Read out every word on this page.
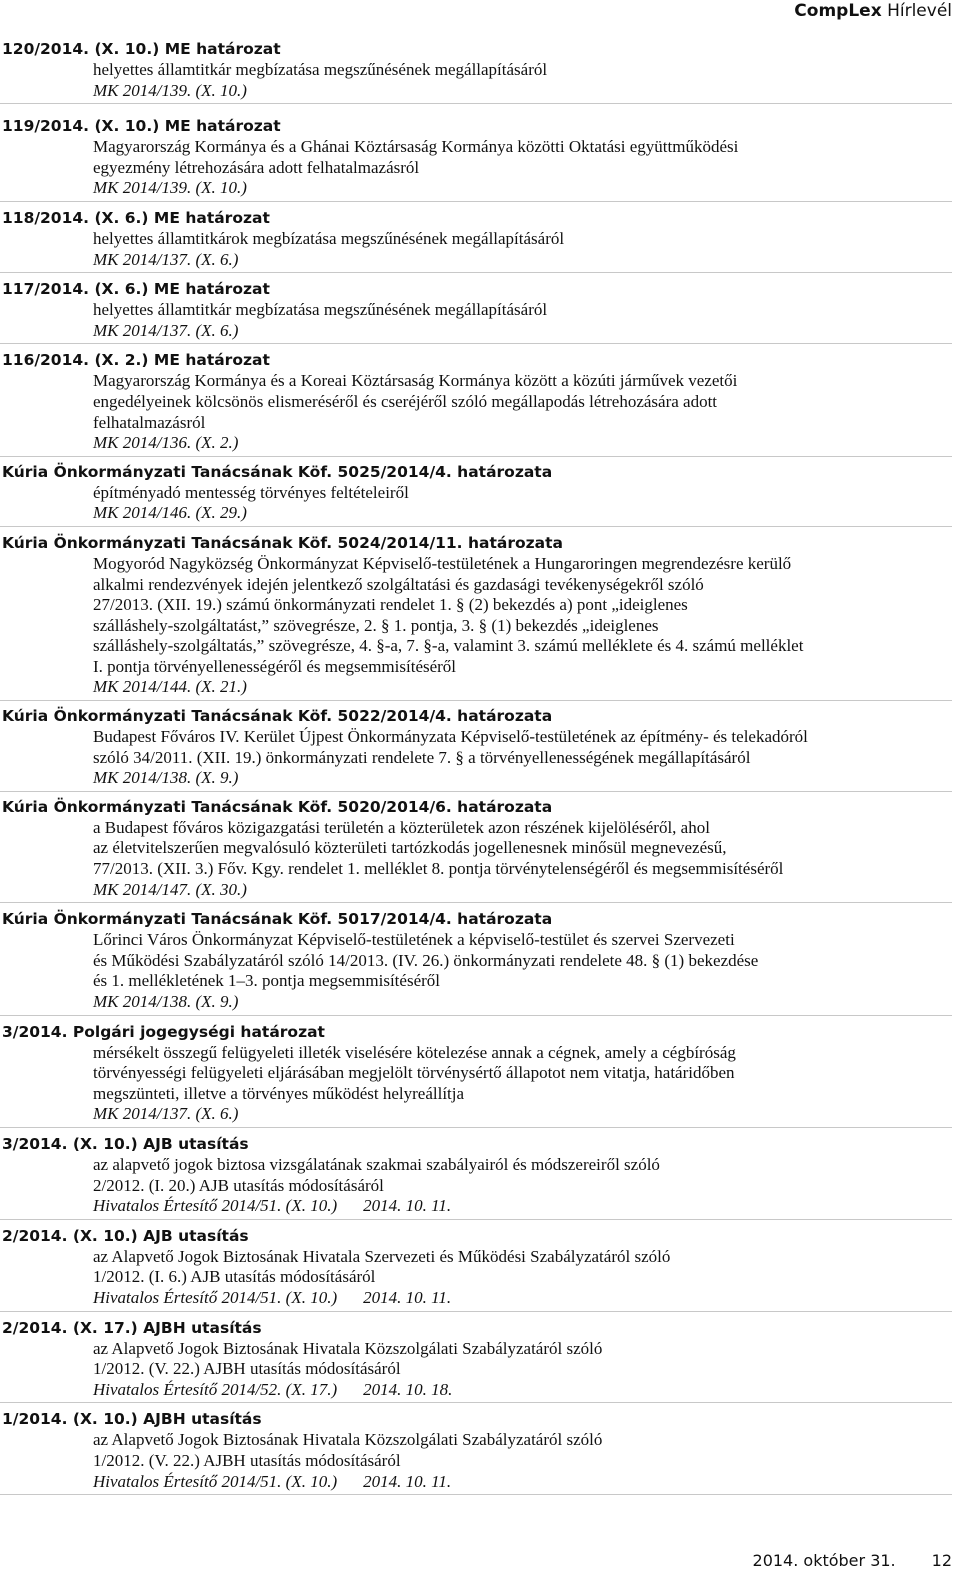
CompLex Hírlevél
120/2014. (X. 10.) ME határozat
helyettes államtitkár megbízatása megszűnésének megállapításáról
MK 2014/139. (X. 10.)
119/2014. (X. 10.) ME határozat
Magyarország Kormánya és a Ghánai Köztársaság Kormánya közötti Oktatási együttműködési
egyezmény létrehozására adott felhatalmazásról
MK 2014/139. (X. 10.)
118/2014. (X. 6.) ME határozat
helyettes államtitkárok megbízatása megszűnésének megállapításáról
MK 2014/137. (X. 6.)
117/2014. (X. 6.) ME határozat
helyettes államtitkár megbízatása megszűnésének megállapításáról
MK 2014/137. (X. 6.)
116/2014. (X. 2.) ME határozat
Magyarország Kormánya és a Koreai Köztársaság Kormánya között a közúti járművek vezetői
engedélyeinek kölcsönös elismeréséről és cseréjéről szóló megállapodás létrehozására adott
felhatalmazásról
MK 2014/136. (X. 2.)
Kúria Önkormányzati Tanácsának Köf. 5025/2014/4. határozata
építményadó mentesség törvényes feltételeiről
MK 2014/146. (X. 29.)
Kúria Önkormányzati Tanácsának Köf. 5024/2014/11. határozata
Mogyoród Nagyközség Önkormányzat Képviselő-testületének a Hungaroringen megrendezésre kerülő
alkalmi rendezvények idején jelentkező szolgáltatási és gazdasági tevékenységekről szóló
27/2013. (XII. 19.) számú önkormányzati rendelet 1. § (2) bekezdés a) pont „ideiglenes
szálláshely-szolgáltatást,” szövegrésze, 2. § 1. pontja, 3. § (1) bekezdés „ideiglenes
szálláshely-szolgáltatás,” szövegrésze, 4. §-a, 7. §-a, valamint 3. számú melléklete és 4. számú melléklet
I. pontja törvényellenességéről és megsemmisítéséről
MK 2014/144. (X. 21.)
Kúria Önkormányzati Tanácsának Köf. 5022/2014/4. határozata
Budapest Főváros IV. Kerület Újpest Önkormányzata Képviselő-testületének az építmény- és telekadóról
szóló 34/2011. (XII. 19.) önkormányzati rendelete 7. § a törvényellenességének megállapításáról
MK 2014/138. (X. 9.)
Kúria Önkormányzati Tanácsának Köf. 5020/2014/6. határozata
a Budapest főváros közigazgatási területén a közterületek azon részének kijelöléséről, ahol
az életvitelszerűen megvalósuló közterületi tartózkodás jogellenesnek minősül megnevezésű,
77/2013. (XII. 3.) Főv. Kgy. rendelet 1. melléklet 8. pontja törvénytelenségéről és megsemmisítéséről
MK 2014/147. (X. 30.)
Kúria Önkormányzati Tanácsának Köf. 5017/2014/4. határozata
Lőrinci Város Önkormányzat Képviselő-testületének a képviselő-testület és szervei Szervezeti
és Működési Szabályzatáról szóló 14/2013. (IV. 26.) önkormányzati rendelete 48. § (1) bekezdése
és 1. mellékletének 1–3. pontja megsemmisítéséről
MK 2014/138. (X. 9.)
3/2014. Polgári jogegységi határozat
mérsékelt összegű felügyeleti illeték viselésére kötelezése annak a cégnek, amely a cégbíróság
törvényességi felügyeleti eljárásában megjelölt törvénysértő állapotot nem vitatja, határidőben
megszünteti, illetve a törvényes működést helyreállítja
MK 2014/137. (X. 6.)
3/2014. (X. 10.) AJB utasítás
az alapvető jogok biztosa vizsgálatának szakmai szabályairól és módszereiről szóló
2/2012. (I. 20.) AJB utasítás módosításáról
Hivatalos Értesítő 2014/51. (X. 10.) 2014. 10. 11.
2/2014. (X. 10.) AJB utasítás
az Alapvető Jogok Biztosának Hivatala Szervezeti és Működési Szabályzatáról szóló
1/2012. (I. 6.) AJB utasítás módosításáról
Hivatalos Értesítő 2014/51. (X. 10.) 2014. 10. 11.
2/2014. (X. 17.) AJBH utasítás
az Alapvető Jogok Biztosának Hivatala Közszolgálati Szabályzatáról szóló
1/2012. (V. 22.) AJBH utasítás módosításáról
Hivatalos Értesítő 2014/52. (X. 17.) 2014. 10. 18.
1/2014. (X. 10.) AJBH utasítás
az Alapvető Jogok Biztosának Hivatala Közszolgálati Szabályzatáról szóló
1/2012. (V. 22.) AJBH utasítás módosításáról
Hivatalos Értesítő 2014/51. (X. 10.) 2014. 10. 11.
2014. október 31. 12
